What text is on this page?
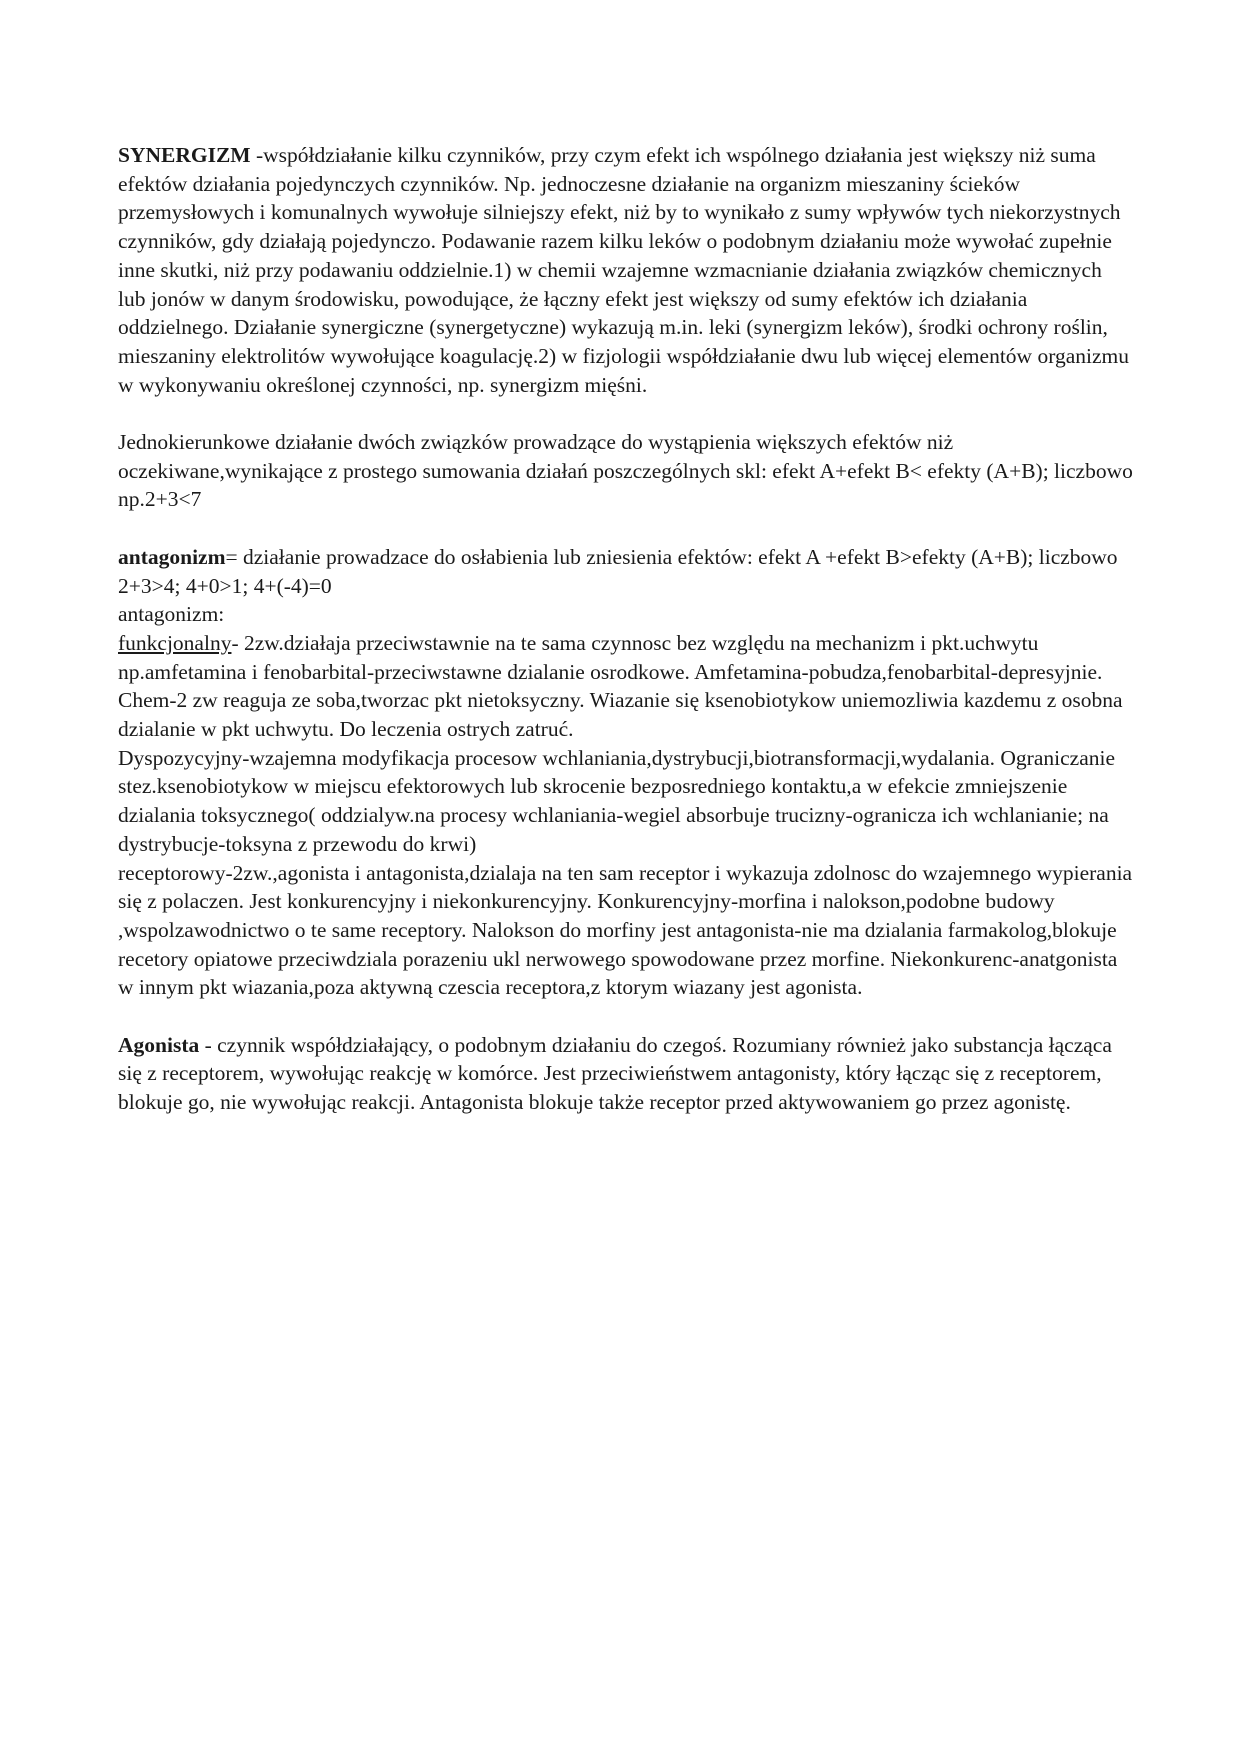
SYNERGIZM -współdziałanie kilku czynników, przy czym efekt ich wspólnego działania jest większy niż suma efektów działania pojedynczych czynników. Np. jednoczesne działanie na organizm mieszaniny ścieków przemysłowych i komunalnych wywołuje silniejszy efekt, niż by to wynikało z sumy wpływów tych niekorzystnych czynników, gdy działają pojedynczo. Podawanie razem kilku leków o podobnym działaniu może wywołać zupełnie inne skutki, niż przy podawaniu oddzielnie.1) w chemii wzajemne wzmacnianie działania związków chemicznych lub jonów w danym środowisku, powodujące, że łączny efekt jest większy od sumy efektów ich działania oddzielnego. Działanie synergiczne (synergetyczne) wykazują m.in. leki (synergizm leków), środki ochrony roślin, mieszaniny elektrolitów wywołujące koagulację.2) w fizjologii współdziałanie dwu lub więcej elementów organizmu w wykonywaniu określonej czynności, np. synergizm mięśni.

Jednokierunkowe działanie dwóch związków prowadzące do wystąpienia większych efektów niż oczekiwane,wynikające z prostego sumowania działań poszczególnych skl: efekt A+efekt B< efekty (A+B); liczbowo np.2+3<7

antagonizm= działanie prowadzace do osłabienia lub zniesienia efektów: efekt A +efekt B>efekty (A+B); liczbowo 2+3>4; 4+0>1; 4+(-4)=0

antagonizm:

funkcjonalny- 2zw.działaja przeciwstawnie na te sama czynnosc bez względu na mechanizm i pkt.uchwytu np.amfetamina i fenobarbital-przeciwstawne dzialanie osrodkowe. Amfetamina-pobudza,fenobarbital-depresyjnie.

Chem-2 zw reaguja ze soba,tworzac pkt nietoksyczny. Wiazanie się ksenobiotykow uniemozliwia kazdemu z osobna dzialanie w pkt uchwytu. Do leczenia ostrych zatruć.

Dyspozycyjny-wzajemna modyfikacja procesow wchlaniania,dystrybucji,biotransformacji,wydalania. Ograniczanie stez.ksenobiotykow w miejscu efektorowych lub skrocenie bezposredniego kontaktu,a w efekcie zmniejszenie dzialania toksycznego( oddzialyw.na procesy wchlaniania-wegiel absorbuje trucizny-ogranicza ich wchlanianie; na dystrybucje-toksyna z przewodu do krwi)

receptorowy-2zw.,agonista i antagonista,dzialaja na ten sam receptor i wykazuja zdolnosc do wzajemnego wypierania się z polaczen. Jest konkurencyjny i niekonkurencyjny. Konkurencyjny-morfina i nalokson,podobne budowy ,wspolzawodnictwo o te same receptory. Nalokson do morfiny jest antagonista-nie ma dzialania farmakolog,blokuje recetory opiatowe przeciwdziala porazeniu ukl nerwowego spowodowane przez morfine. Niekonkurenc-anatgonista w innym pkt wiazania,poza aktywną czescia receptora,z ktorym wiazany jest agonista.

Agonista - czynnik współdziałający, o podobnym działaniu do czegoś. Rozumiany również jako substancja łącząca się z receptorem, wywołując reakcję w komórce. Jest przeciwieństwem antagonisty, który łącząc się z receptorem, blokuje go, nie wywołując reakcji. Antagonista blokuje także receptor przed aktywowaniem go przez agonistę.
